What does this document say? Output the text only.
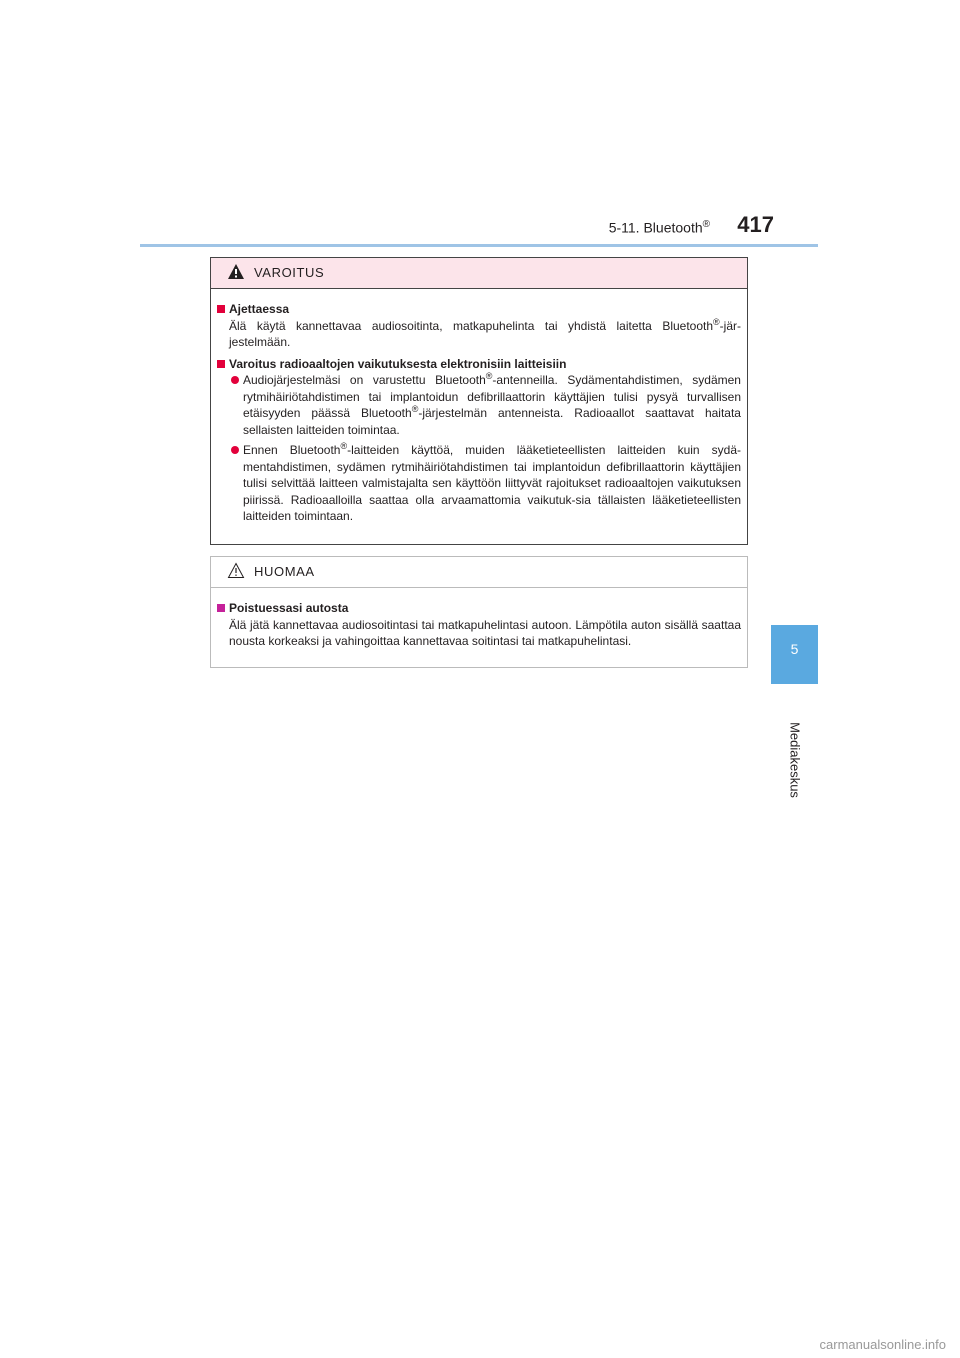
5-11. Bluetooth®	417
5
Mediakeskus
VAROITUS
Ajettaessa
Älä käytä kannettavaa audiosoitinta, matkapuhelinta tai yhdistä laitetta Bluetooth®-jär-jestelmään.
Varoitus radioaaltojen vaikutuksesta elektronisiin laitteisiin
Audiojärjestelmäsi on varustettu Bluetooth®-antenneilla. Sydämentahdistimen, sydämen rytmihäiriötahdistimen tai implantoidun defibrillaattorin käyttäjien tulisi pysyä turvallisen etäisyyden päässä Bluetooth®-järjestelmän antenneista. Radioaallot saattavat haitata sellaisten laitteiden toimintaa.
Ennen Bluetooth®-laitteiden käyttöä, muiden lääketieteellisten laitteiden kuin sydä-mentahdistimen, sydämen rytmihäiriötahdistimen tai implantoidun defibrillaattorin käyttäjien tulisi selvittää laitteen valmistajalta sen käyttöön liittyvät rajoitukset radioaaltojen vaikutuksen piirissä. Radioaalloilla saattaa olla arvaamattomia vaikutuk-sia tällaisten lääketieteellisten laitteiden toimintaan.
HUOMAA
Poistuessasi autosta
Älä jätä kannettavaa audiosoitintasi tai matkapuhelintasi autoon. Lämpötila auton sisällä saattaa nousta korkeaksi ja vahingoittaa kannettavaa soitintasi tai matkapuhelintasi.
carmanualsonline.info
